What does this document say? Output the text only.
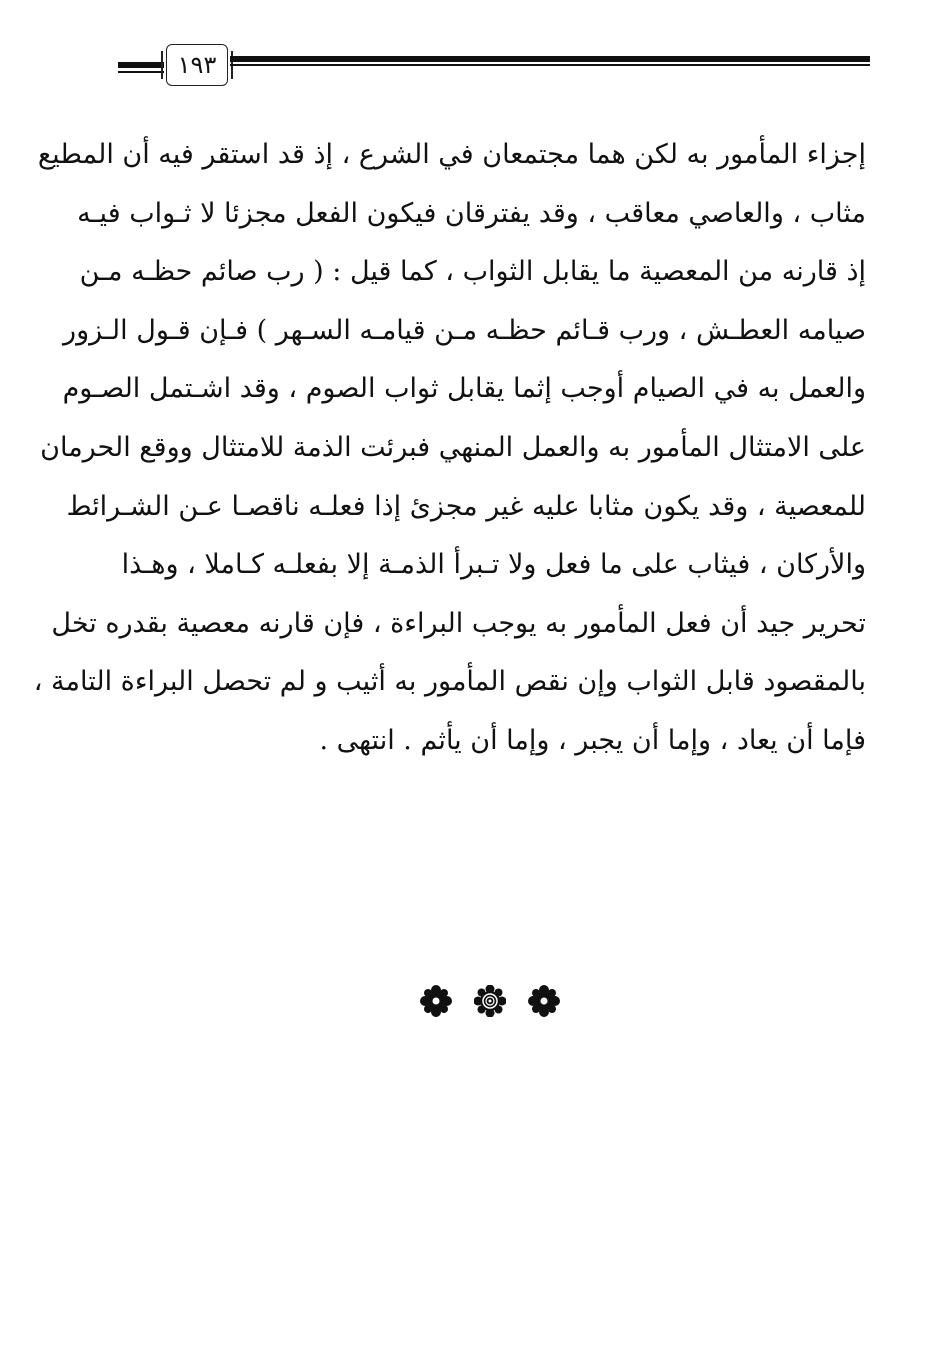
١٩٣
إجزاء المأمور به لكن هما مجتمعان في الشرع ، إذ قد استقر فيه أن المطيع
مثاب ، والعاصي معاقب ، وقد يفترقان فيكون الفعل مجزئا لا ثـواب فيـه
إذ قارنه من المعصية ما يقابل الثواب ، كما قيل : ( رب صائم حظـه مـن
صيامه العطـش ، ورب قـائم حظـه مـن قيامـه السـهر ) فـإن قـول الـزور
والعمل به في الصيام أوجب إثما يقابل ثواب الصوم ، وقد اشـتمل الصـوم
على الامتثال المأمور به والعمل المنهي فبرئت الذمة للامتثال ووقع الحرمان
للمعصية ، وقد يكون مثابا عليه غير مجزئ إذا فعلـه ناقصـا عـن الشـرائط
والأركان ، فيثاب على ما فعل ولا تـبرأ الذمـة إلا بفعلـه كـاملا ، وهـذا
تحرير جيد أن فعل المأمور به يوجب البراءة ، فإن قارنه معصية بقدره تخل
بالمقصود قابل الثواب وإن نقص المأمور به أثيب و لم تحصل البراءة التامة ،
فإما أن يعاد ، وإما أن يجبر ، وإما أن يأثم . انتهى .
